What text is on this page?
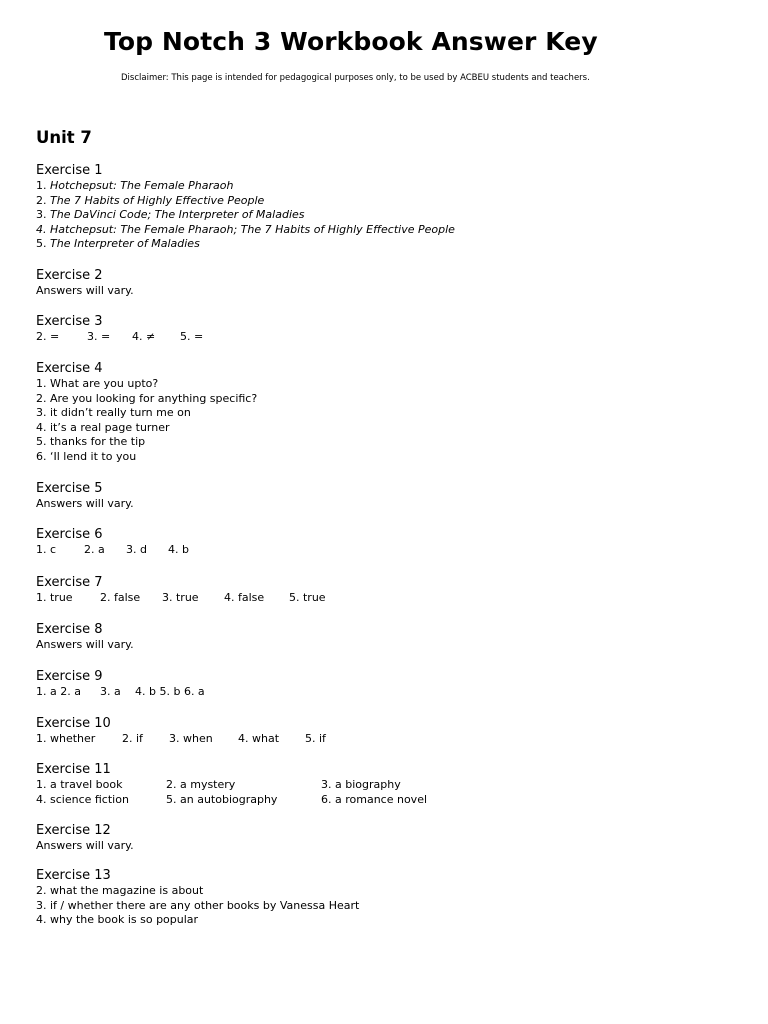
Top Notch 3 Workbook Answer Key
Disclaimer: This page is intended for pedagogical purposes only, to be used by ACBEU students and teachers.
Unit 7
Exercise 1
1. Hotchepsut: The Female Pharaoh
2. The 7 Habits of Highly Effective People
3. The DaVinci Code; The Interpreter of Maladies
4. Hatchepsut: The Female Pharaoh; The 7 Habits of Highly Effective People
5. The Interpreter of Maladies
Exercise 2
Answers will vary.
Exercise 3
2. =	3. = 4. ≠ 5. =
Exercise 4
1. What are you upto?
2. Are you looking for anything specific?
3. it didn’t really turn me on
4. it’s a real page turner
5. thanks for the tip
6. ‘Il lend it to you
Exercise 5
Answers will vary.
Exercise 6
1. c	2. a 3. d 4. b
Exercise 7
1. true 2. false 3. true 4. false 5. true
Exercise 8
Answers will vary.
Exercise 9
1. a 2. a 3. a 4. b 5. b 6. a
Exercise 10
1. whether 2. if 3. when 4. what 5. if
Exercise 11
1. a travel book	2. a mystery	3. a biography
4. science fiction	5. an autobiography	6. a romance novel
Exercise 12
Answers will vary.
Exercise 13
2. what the magazine is about
3. if / whether there are any other books by Vanessa Heart
4. why the book is so popular
